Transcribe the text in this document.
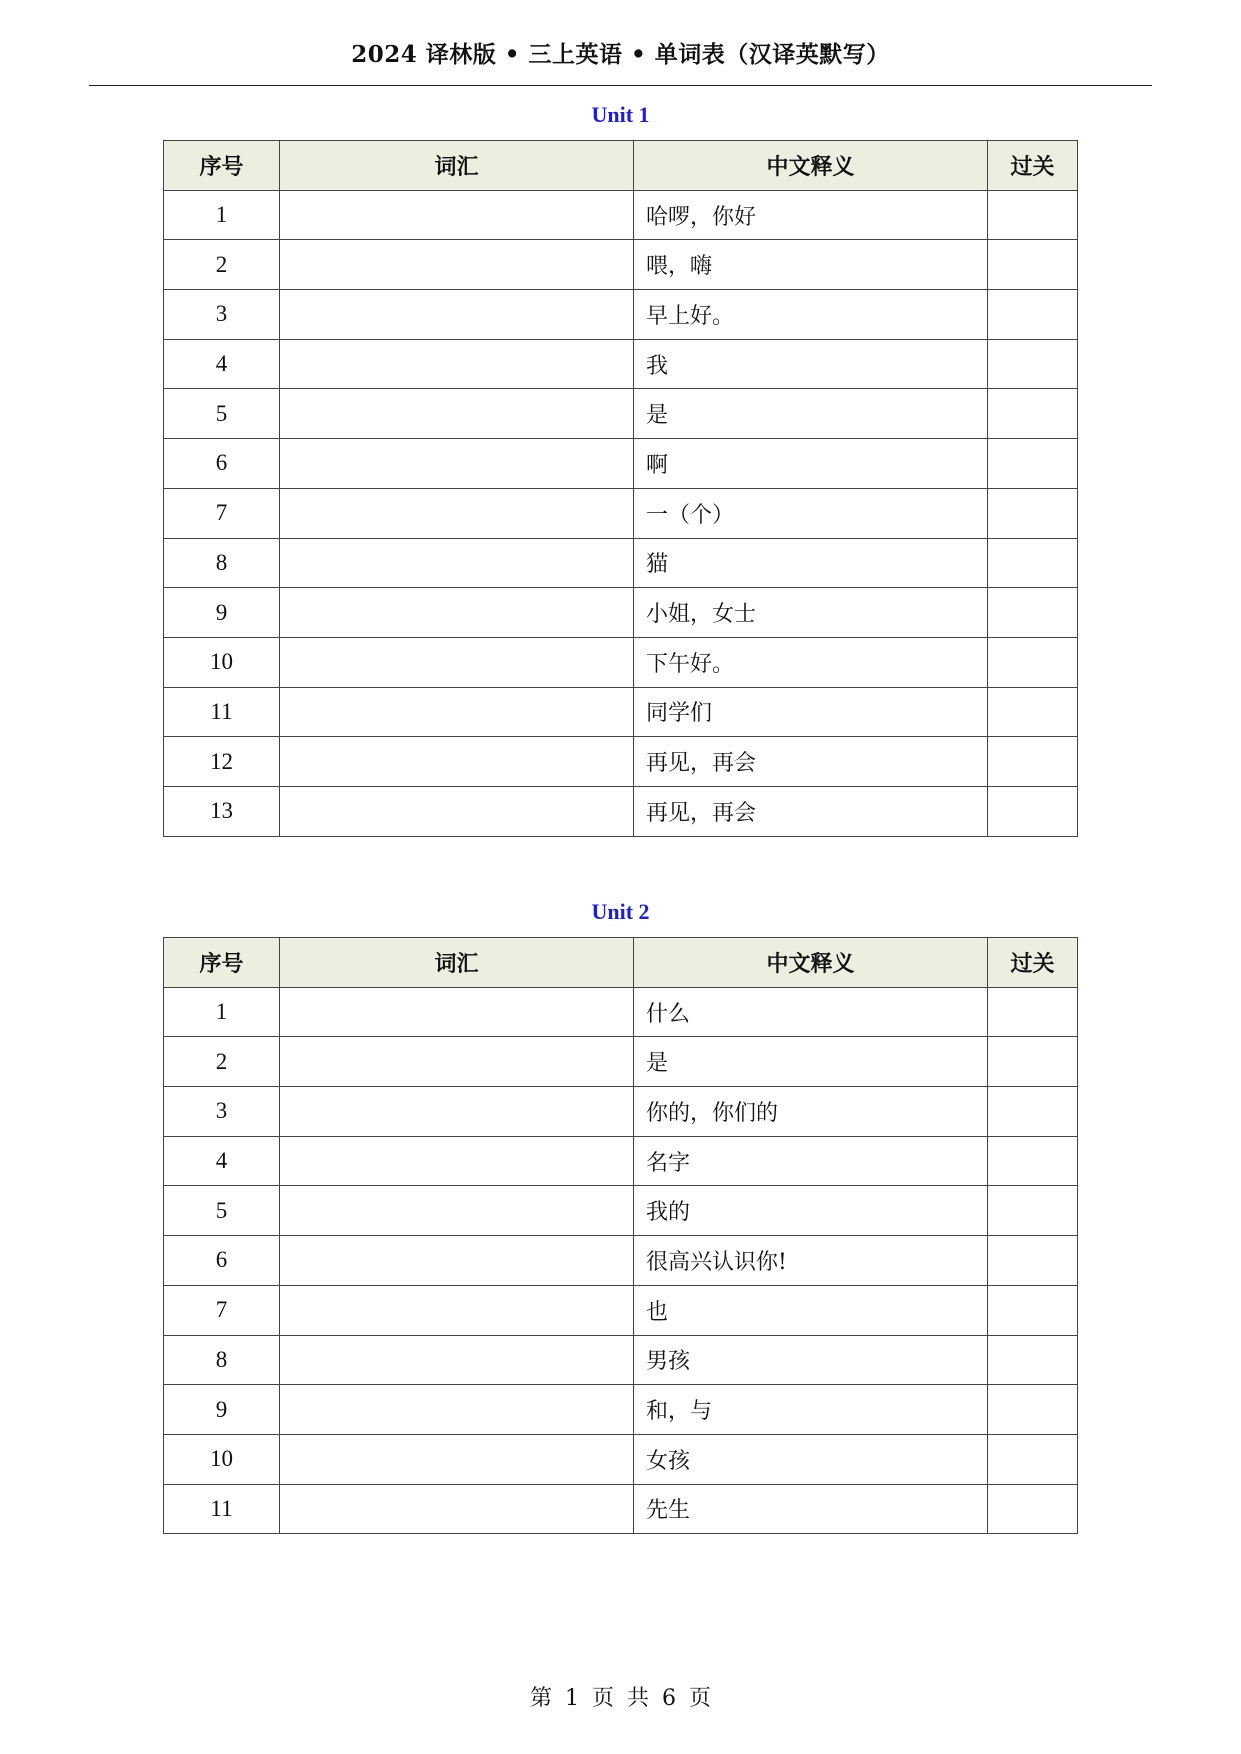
2024 译林版 • 三上英语 • 单词表（汉译英默写）
Unit 1
序号	词汇	中文释义	过关
1		哈啰，你好	
2		喂，嗨	
3		早上好。	
4		我	
5		是	
6		啊	
7		一（个）	
8		猫	
9		小姐，女士	
10		下午好。	
11		同学们	
12		再见，再会	
13		再见，再会	
Unit 2
序号	词汇	中文释义	过关
1		什么	
2		是	
3		你的，你们的	
4		名字	
5		我的	
6		很高兴认识你!	
7		也	
8		男孩	
9		和，与	
10		女孩	
11		先生	
第 1 页 共 6 页
